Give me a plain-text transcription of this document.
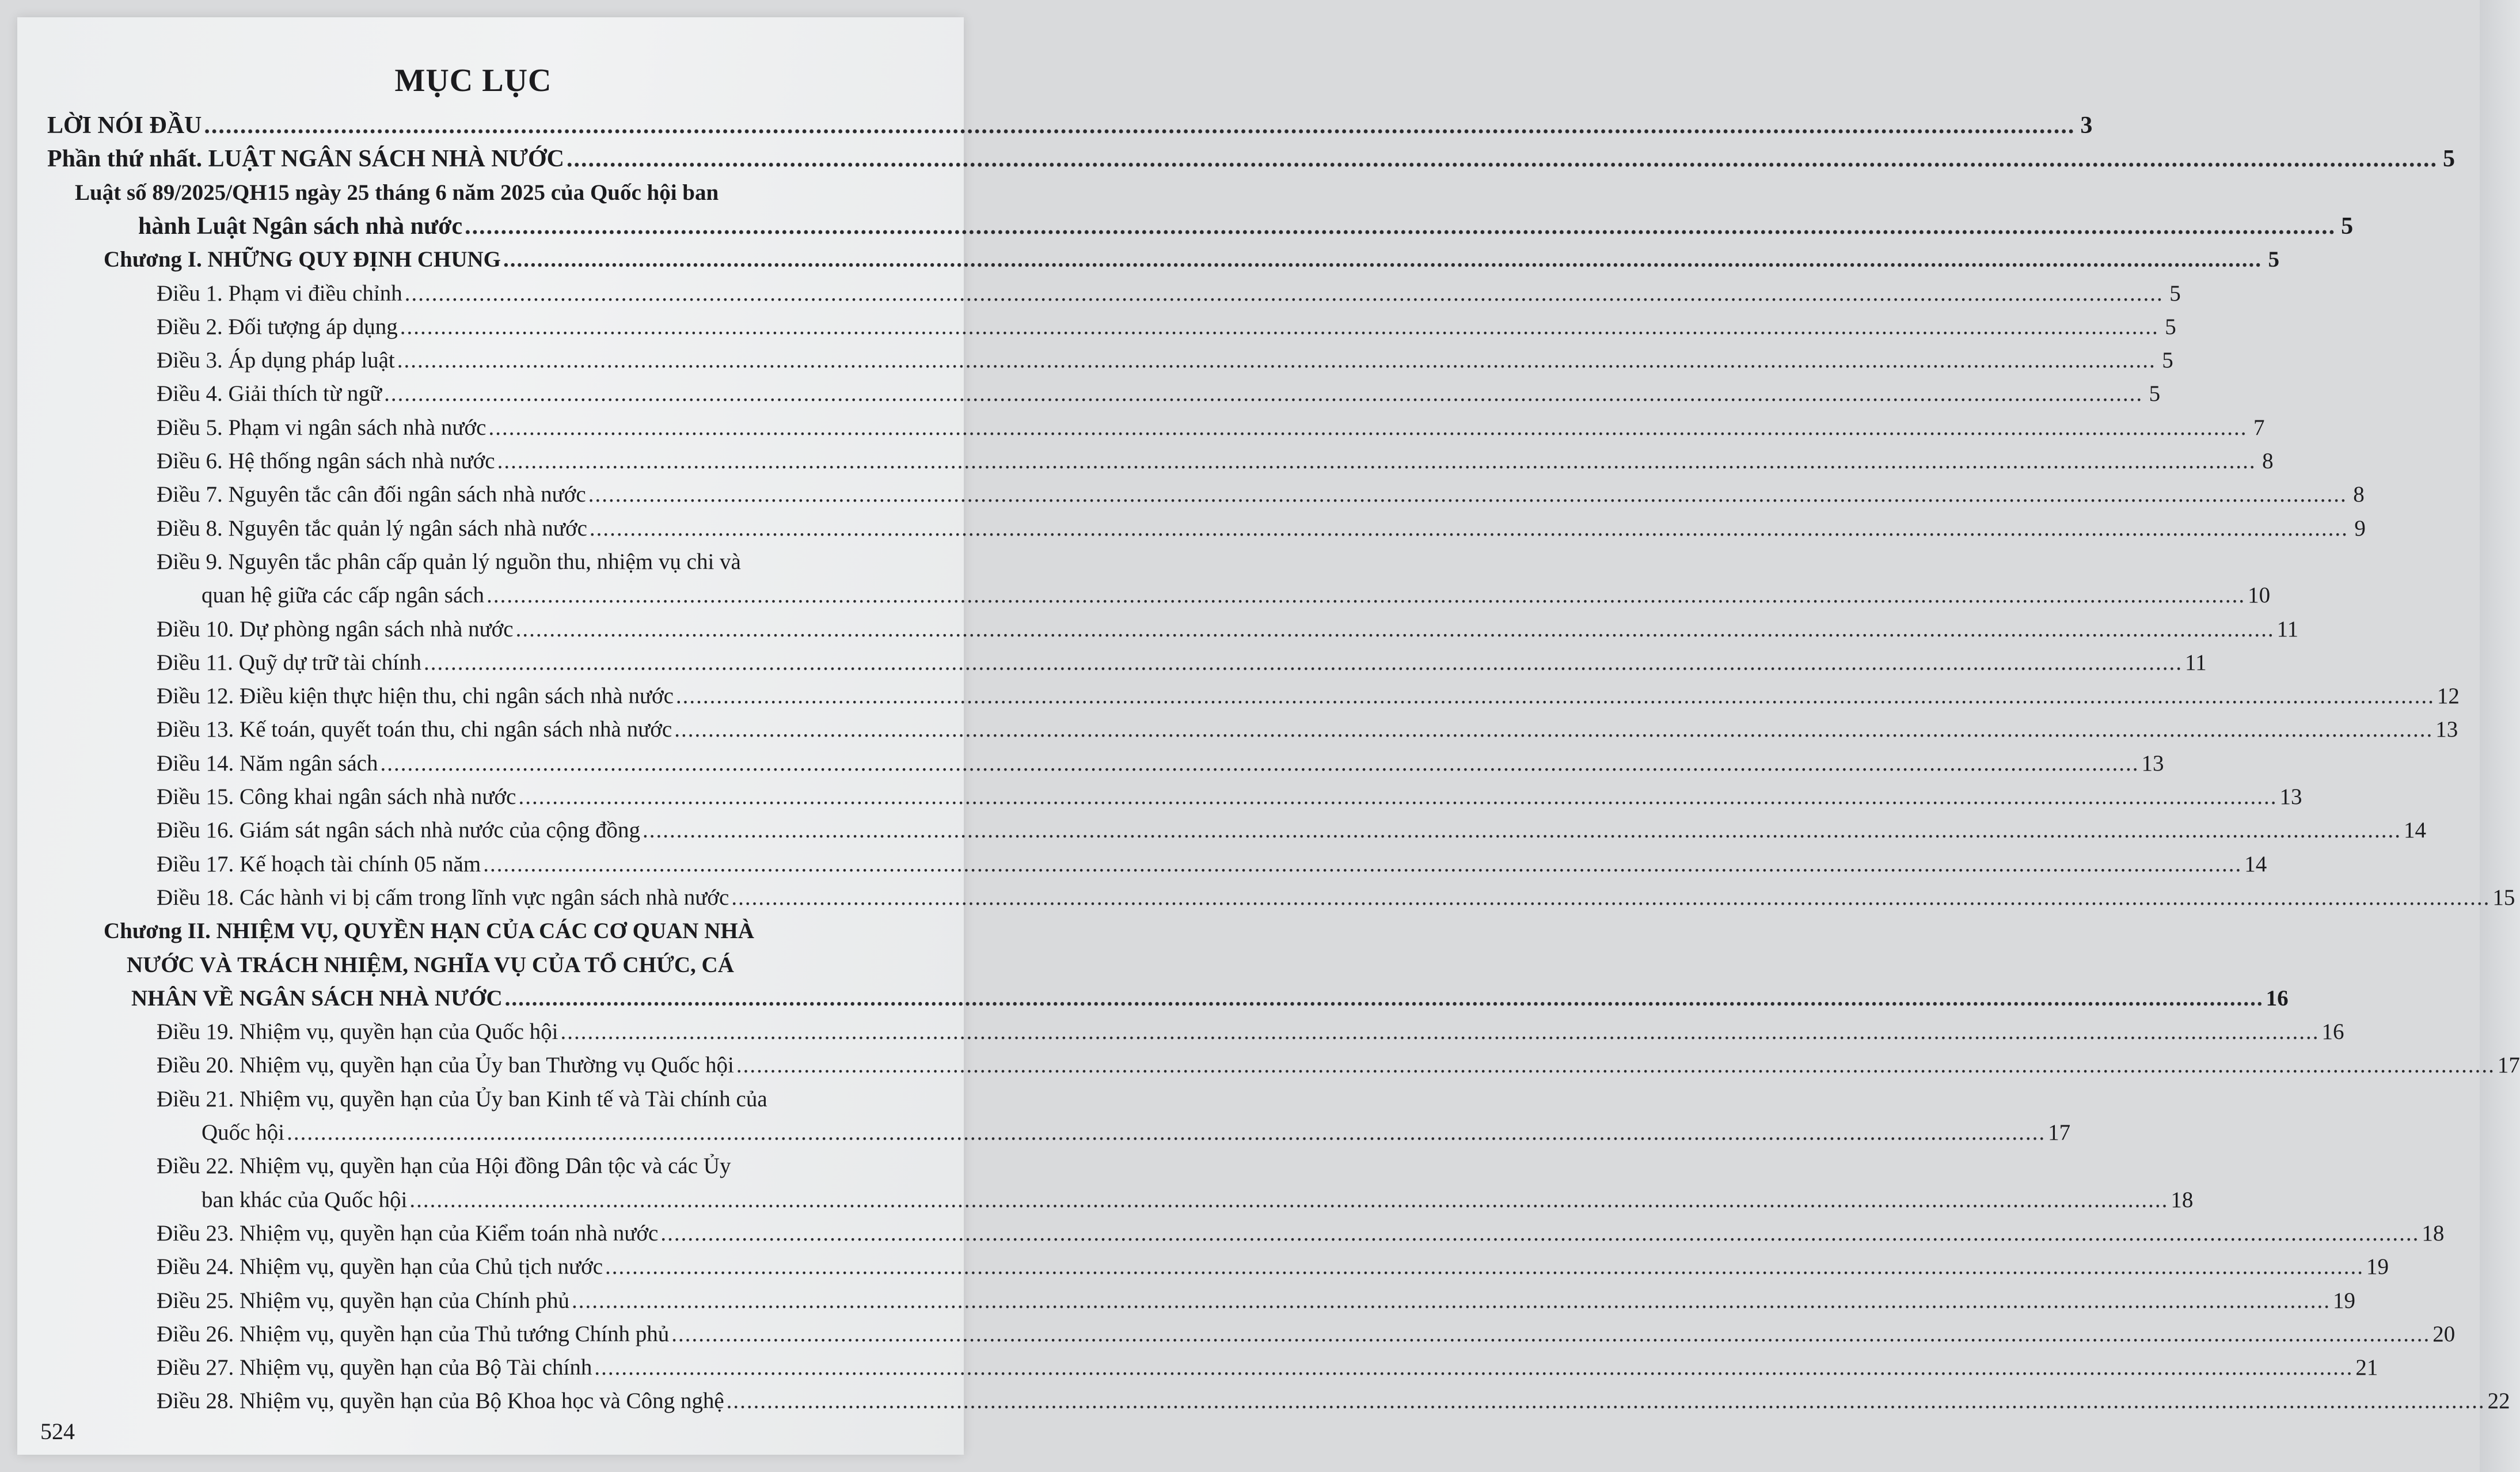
MỤC LỤC
LỜI NÓI ĐẦU .................................................................................................................................................................................................................................................................... 3
Phần thứ nhất. LUẬT NGÂN SÁCH NHÀ NƯỚC .................................................................................................................................................................................................................................................................... 5
Luật số 89/2025/QH15 ngày 25 tháng 6 năm 2025 của Quốc hội ban
hành Luật Ngân sách nhà nước .................................................................................................................................................................................................................................................................... 5
Chương I. NHỮNG QUY ĐỊNH CHUNG .................................................................................................................................................................................................................................................................... 5
Điều 1. Phạm vi điều chỉnh .................................................................................................................................................................................................................................................................... 5
Điều 2. Đối tượng áp dụng .................................................................................................................................................................................................................................................................... 5
Điều 3. Áp dụng pháp luật .................................................................................................................................................................................................................................................................... 5
Điều 4. Giải thích từ ngữ .................................................................................................................................................................................................................................................................... 5
Điều 5. Phạm vi ngân sách nhà nước .................................................................................................................................................................................................................................................................... 7
Điều 6. Hệ thống ngân sách nhà nước .................................................................................................................................................................................................................................................................... 8
Điều 7. Nguyên tắc cân đối ngân sách nhà nước .................................................................................................................................................................................................................................................................... 8
Điều 8. Nguyên tắc quản lý ngân sách nhà nước .................................................................................................................................................................................................................................................................... 9
Điều 9. Nguyên tắc phân cấp quản lý nguồn thu, nhiệm vụ chi và
quan hệ giữa các cấp ngân sách .................................................................................................................................................................................................................................................................... 10
Điều 10. Dự phòng ngân sách nhà nước .................................................................................................................................................................................................................................................................... 11
Điều 11. Quỹ dự trữ tài chính .................................................................................................................................................................................................................................................................... 11
Điều 12. Điều kiện thực hiện thu, chi ngân sách nhà nước .................................................................................................................................................................................................................................................................... 12
Điều 13. Kế toán, quyết toán thu, chi ngân sách nhà nước .................................................................................................................................................................................................................................................................... 13
Điều 14. Năm ngân sách .................................................................................................................................................................................................................................................................... 13
Điều 15. Công khai ngân sách nhà nước .................................................................................................................................................................................................................................................................... 13
Điều 16. Giám sát ngân sách nhà nước của cộng đồng .................................................................................................................................................................................................................................................................... 14
Điều 17. Kế hoạch tài chính 05 năm .................................................................................................................................................................................................................................................................... 14
Điều 18. Các hành vi bị cấm trong lĩnh vực ngân sách nhà nước .................................................................................................................................................................................................................................................................... 15
Chương II. NHIỆM VỤ, QUYỀN HẠN CỦA CÁC CƠ QUAN NHÀ
NƯỚC VÀ TRÁCH NHIỆM, NGHĨA VỤ CỦA TỔ CHỨC, CÁ
NHÂN VỀ NGÂN SÁCH NHÀ NƯỚC .................................................................................................................................................................................................................................................................... 16
Điều 19. Nhiệm vụ, quyền hạn của Quốc hội .................................................................................................................................................................................................................................................................... 16
Điều 20. Nhiệm vụ, quyền hạn của Ủy ban Thường vụ Quốc hội .................................................................................................................................................................................................................................................................... 17
Điều 21. Nhiệm vụ, quyền hạn của Ủy ban Kinh tế và Tài chính của
Quốc hội .................................................................................................................................................................................................................................................................... 17
Điều 22. Nhiệm vụ, quyền hạn của Hội đồng Dân tộc và các Ủy
ban khác của Quốc hội .................................................................................................................................................................................................................................................................... 18
Điều 23. Nhiệm vụ, quyền hạn của Kiểm toán nhà nước .................................................................................................................................................................................................................................................................... 18
Điều 24. Nhiệm vụ, quyền hạn của Chủ tịch nước .................................................................................................................................................................................................................................................................... 19
Điều 25. Nhiệm vụ, quyền hạn của Chính phủ .................................................................................................................................................................................................................................................................... 19
Điều 26. Nhiệm vụ, quyền hạn của Thủ tướng Chính phủ .................................................................................................................................................................................................................................................................... 20
Điều 27. Nhiệm vụ, quyền hạn của Bộ Tài chính .................................................................................................................................................................................................................................................................... 21
Điều 28. Nhiệm vụ, quyền hạn của Bộ Khoa học và Công nghệ .................................................................................................................................................................................................................................................................... 22
524
